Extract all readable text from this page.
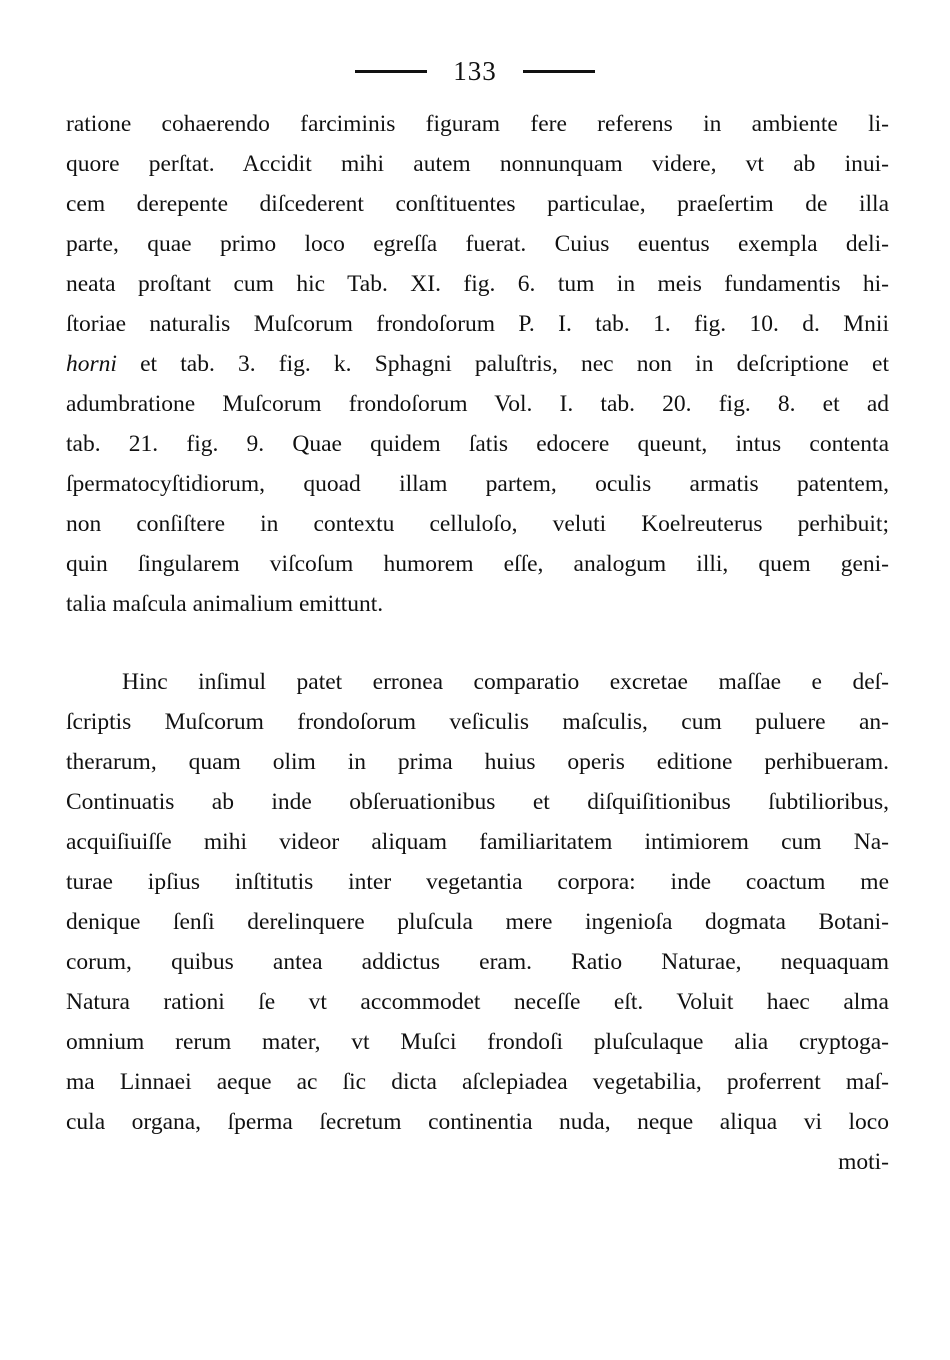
133
ratione cohaerendo farciminis figuram fere referens in ambiente li-
quore perſtat. Accidit mihi autem nonnunquam videre, vt ab inui-
cem derepente diſcederent conſtituentes particulae, praeſertim de illa
parte, quae primo loco egreſſa fuerat. Cuius euentus exempla deli-
neata proſtant cum hic Tab. XI. fig. 6. tum in meis fundamentis hi-
ſtoriae naturalis Muſcorum frondoſorum P. I. tab. 1. fig. 10. d. Mnii
horni et tab. 3. fig. k. Sphagni paluſtris, nec non in deſcriptione et
adumbratione Muſcorum frondoſorum Vol. I. tab. 20. fig. 8. et ad
tab. 21. fig. 9. Quae quidem ſatis edocere queunt, intus contenta
ſpermatocyſtidiorum, quoad illam partem, oculis armatis patentem,
non conſiſtere in contextu celluloſo, veluti Koelreuterus perhibuit;
quin ſingularem viſcoſum humorem eſſe, analogum illi, quem geni-
talia maſcula animalium emittunt.
Hinc inſimul patet erronea comparatio excretae maſſae e deſ-
ſcriptis Muſcorum frondoſorum veſiculis maſculis, cum puluere an-
therarum, quam olim in prima huius operis editione perhibueram.
Continuatis ab inde obſeruationibus et diſquiſitionibus ſubtilioribus,
acquiſiuiſſe mihi videor aliquam familiaritatem intimiorem cum Na-
turae ipſius inſtitutis inter vegetantia corpora: inde coactum me
denique ſenſi derelinquere pluſcula mere ingenioſa dogmata Botani-
corum, quibus antea addictus eram. Ratio Naturae, nequaquam
Natura rationi ſe vt accommodet neceſſe eſt. Voluit haec alma
omnium rerum mater, vt Muſci frondoſi pluſculaque alia cryptoga-
ma Linnaei aeque ac ſic dicta aſclepiadea vegetabilia, proferrent maſ-
cula organa, ſperma ſecretum continentia nuda, neque aliqua vi loco
moti-
